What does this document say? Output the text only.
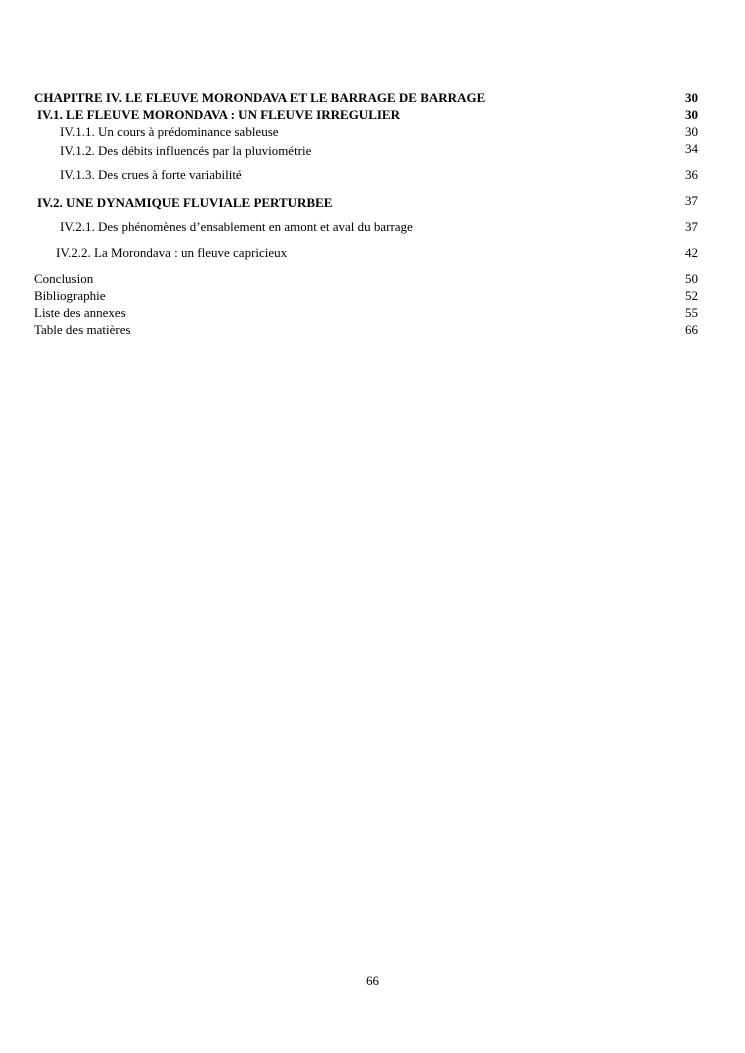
CHAPITRE IV. LE FLEUVE MORONDAVA ET LE BARRAGE DE BARRAGE	30
IV.1. LE FLEUVE MORONDAVA : UN FLEUVE IRREGULIER	30
IV.1.1. Un cours à prédominance sableuse	30
IV.1.2. Des débits influencés par la pluviométrie	34
IV.1.3. Des crues à forte variabilité	36
IV.2. UNE DYNAMIQUE FLUVIALE PERTURBEE	37
IV.2.1. Des phénomènes d’ensablement en amont et aval du barrage	37
IV.2.2. La Morondava : un fleuve capricieux	42
Conclusion	50
Bibliographie	52
Liste des annexes	55
Table des matières	66
66
